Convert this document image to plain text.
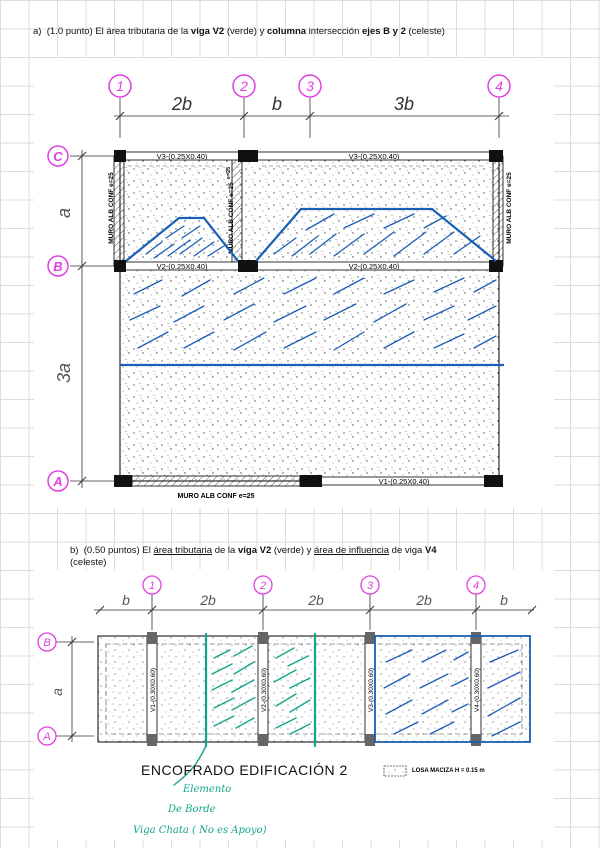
a) (1.0 punto) El área tributaria de la viga V2 (verde) y columna intersección ejes B y 2 (celeste)
1	2	3	4
2b	b	3b
C
B
A
a
3a
V3-(0.25X0.40)	V3-(0.25X0.40)
V2-(0.25X0.40)	V2-(0.25X0.40)
V1-(0.25X0.40)
MURO ALB CONF e=25	MURO ALB CONF e=25	MURO ALB CONF e=25
MURO ALB CONF e=25
e=25
b) (0.50 puntos) El área tributaria de la viga V2 (verde) y área de influencia de viga V4
(celeste)
1	2	3	4
b	2b	2b	2b	b
B
A
a	V1-(0.30X0.60)	V2-(0.30X0.60)	V3-(0.30X0.60)	V4-(0.30X0.60)
ENCOFRADO EDIFICACIÓN 2	LOSA MACIZA H = 0.15 m
Elemento
De Borde
Viga Chata ( No es Apoyo)
